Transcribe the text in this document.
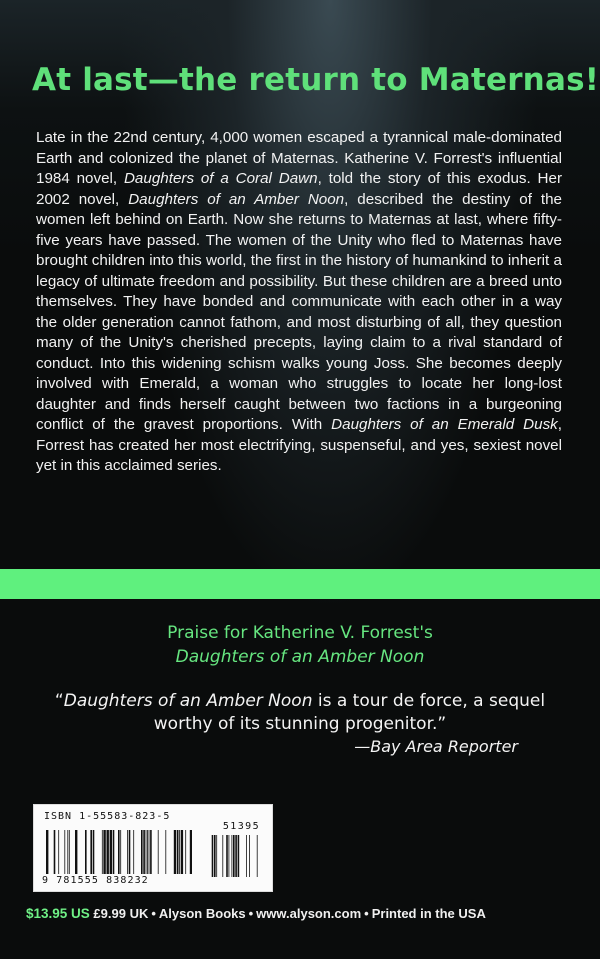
At last—the return to Maternas!

Late in the 22nd century, 4,000 women escaped a tyrannical male-dominated Earth and colonized the planet of Maternas. Katherine V. Forrest's influential 1984 novel, Daughters of a Coral Dawn, told the story of this exodus. Her 2002 novel, Daughters of an Amber Noon, described the destiny of the women left behind on Earth. Now she returns to Maternas at last, where fifty-five years have passed. The women of the Unity who fled to Maternas have brought children into this world, the first in the history of humankind to inherit a legacy of ultimate freedom and possibility. But these children are a breed unto themselves. They have bonded and communicate with each other in a way the older generation cannot fathom, and most disturbing of all, they question many of the Unity's cherished precepts, laying claim to a rival standard of conduct. Into this widening schism walks young Joss. She becomes deeply involved with Emerald, a woman who struggles to locate her long-lost daughter and finds herself caught between two factions in a burgeoning conflict of the gravest proportions. With Daughters of an Emerald Dusk, Forrest has created her most electrifying, suspenseful, and yes, sexiest novel yet in this acclaimed series.

Praise for Katherine V. Forrest's
Daughters of an Amber Noon
“Daughters of an Amber Noon is a tour de force, a sequel worthy of its stunning progenitor.”
—Bay Area Reporter

ISBN 1-55583-823-5

51395

9 781555 838232

$13.95 US £9.99 UK • Alyson Books • www.alyson.com • Printed in the USA
